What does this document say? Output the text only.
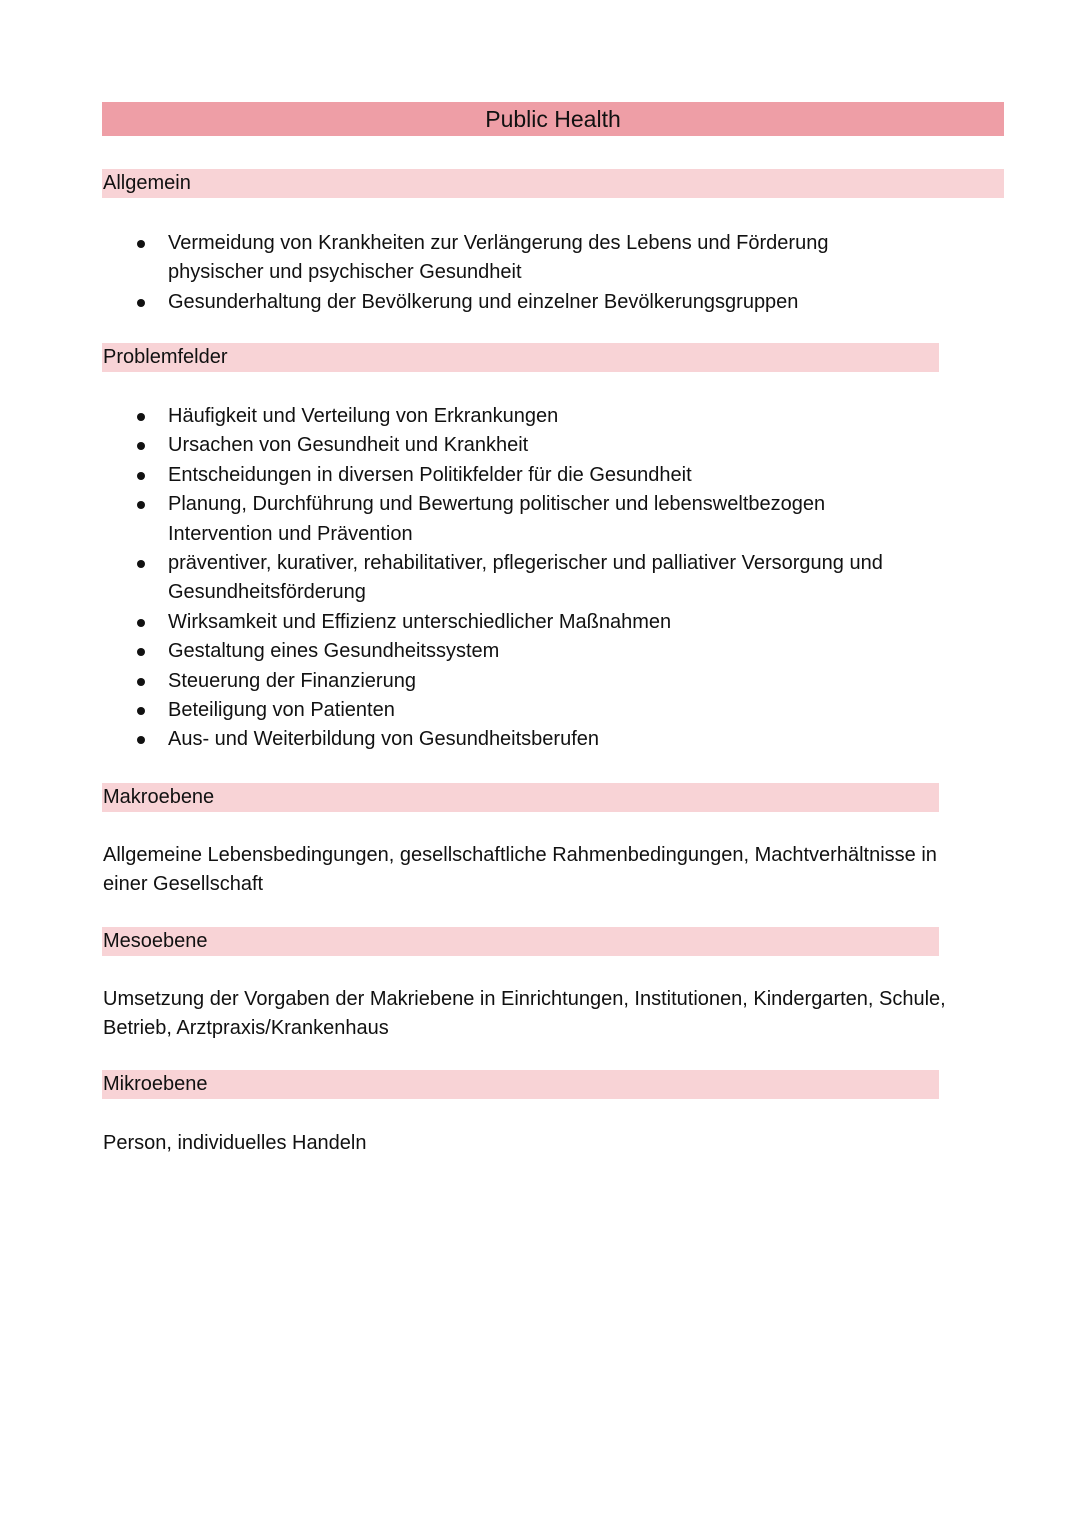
Public Health
Allgemein
Vermeidung von Krankheiten zur Verlängerung des Lebens und Förderung physischer und psychischer Gesundheit
Gesunderhaltung der Bevölkerung und einzelner Bevölkerungsgruppen
Problemfelder
Häufigkeit und Verteilung von Erkrankungen
Ursachen von Gesundheit und Krankheit
Entscheidungen in diversen Politikfelder für die Gesundheit
Planung, Durchführung und Bewertung politischer und lebensweltbezogen Intervention und Prävention
präventiver, kurativer, rehabilitativer, pflegerischer und palliativer Versorgung und Gesundheitsförderung
Wirksamkeit und Effizienz unterschiedlicher Maßnahmen
Gestaltung eines Gesundheitssystem
Steuerung der Finanzierung
Beteiligung von Patienten
Aus- und Weiterbildung von Gesundheitsberufen
Makroebene

Allgemeine Lebensbedingungen, gesellschaftliche Rahmenbedingungen, Machtverhältnisse in einer Gesellschaft

Mesoebene

Umsetzung der Vorgaben der Makriebene in Einrichtungen, Institutionen, Kindergarten, Schule, Betrieb, Arztpraxis/Krankenhaus

Mikroebene

Person, individuelles Handeln
